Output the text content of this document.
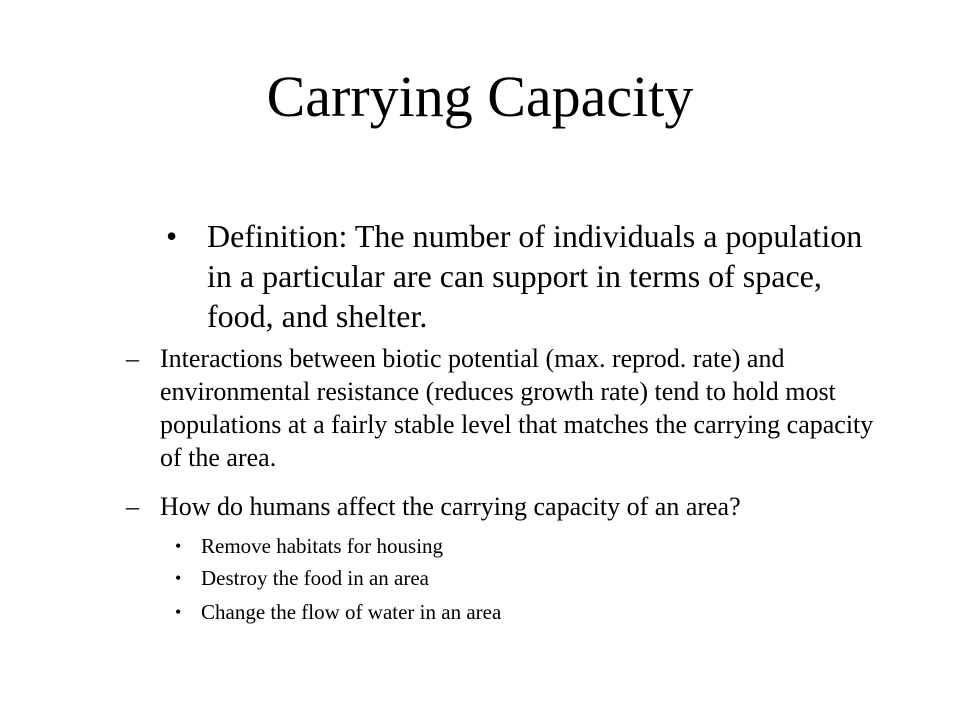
Carrying Capacity
• Definition: The number of individuals a population in a particular are can support in terms of space, food, and shelter.
– Interactions between biotic potential (max. reprod. rate) and environmental resistance (reduces growth rate) tend to hold most populations at a fairly stable level that matches the carrying capacity of the area.
– How do humans affect the carrying capacity of an area?
• Remove habitats for housing
• Destroy the food in an area
• Change the flow of water in an area
